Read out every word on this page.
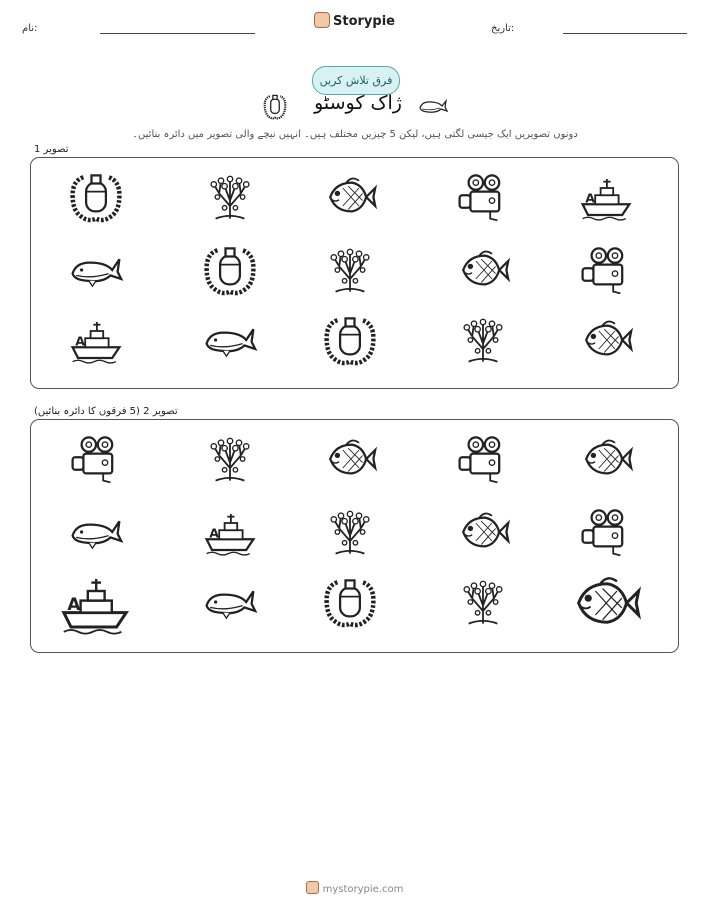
نام:	Storypie	تاریخ:
فرق تلاش کریں
ژاک کوسٹو
دونوں تصویریں ایک جیسی لگتی ہیں، لیکن 5 چیزیں مختلف ہیں۔ انہیں نیچے والی تصویر میں دائرہ بنائیں۔
تصویر 1
A
A
تصویر 2 (5 فرقوں کا دائرہ بنائیں)
A
A
mystorypie.com
